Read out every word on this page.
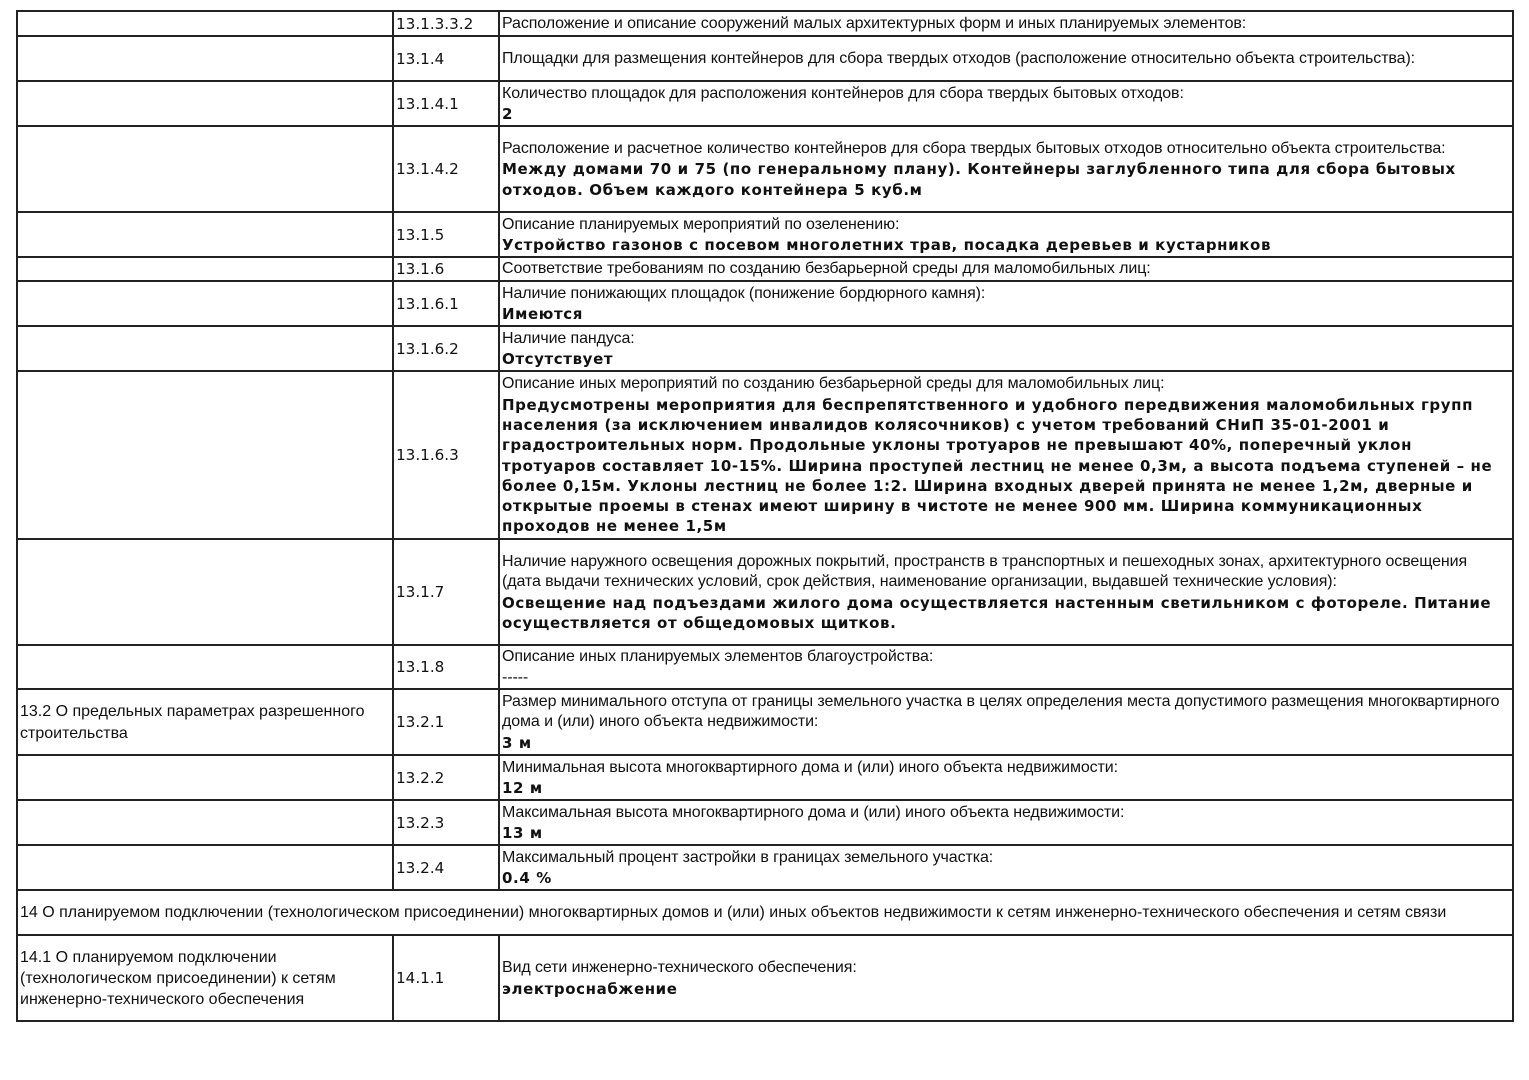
	13.1.3.3.2	Расположение и описание сооружений малых архитектурных форм и иных планируемых элементов:

	13.1.4	Площадки для размещения контейнеров для сбора твердых отходов (расположение относительно объекта строительства):

	13.1.4.1	Количество площадок для расположения контейнеров для сбора твердых бытовых отходов:
2

	13.1.4.2	Расположение и расчетное количество контейнеров для сбора твердых бытовых отходов относительно объекта строительства:
Между домами 70 и 75 (по генеральному плану). Контейнеры заглубленного типа для сбора бытовых отходов. Объем каждого контейнера 5 куб.м

	13.1.5	Описание планируемых мероприятий по озеленению:
Устройство газонов с посевом многолетних трав, посадка деревьев и кустарников

	13.1.6	Соответствие требованиям по созданию безбарьерной среды для маломобильных лиц:

	13.1.6.1	Наличие понижающих площадок (понижение бордюрного камня):
Имеются

	13.1.6.2	Наличие пандуса:
Отсутствует

	13.1.6.3	Описание иных мероприятий по созданию безбарьерной среды для маломобильных лиц:
Предусмотрены мероприятия для беспрепятственного и удобного передвижения маломобильных групп населения (за исключением инвалидов колясочников) с учетом требований СНиП 35-01-2001 и градостроительных норм. Продольные уклоны тротуаров не превышают 40%, поперечный уклон тротуаров составляет 10-15%. Ширина проступей лестниц не менее 0,3м, а высота подъема ступеней – не более 0,15м. Уклоны лестниц не более 1:2. Ширина входных дверей принята не менее 1,2м, дверные и открытые проемы в стенах имеют ширину в чистоте не менее 900 мм. Ширина коммуникационных проходов не менее 1,5м

	13.1.7	Наличие наружного освещения дорожных покрытий, пространств в транспортных и пешеходных зонах, архитектурного освещения (дата выдачи технических условий, срок действия, наименование организации, выдавшей технические условия):
Освещение над подъездами жилого дома осуществляется настенным светильником с фотореле. Питание осуществляется от общедомовых щитков.

	13.1.8	Описание иных планируемых элементов благоустройства:
-----

13.2 О предельных параметрах разрешенного строительства	13.2.1	Размер минимального отступа от границы земельного участка в целях определения места допустимого размещения многоквартирного дома и (или) иного объекта недвижимости:
3 м

	13.2.2	Минимальная высота многоквартирного дома и (или) иного объекта недвижимости:
12 м

	13.2.3	Максимальная высота многоквартирного дома и (или) иного объекта недвижимости:
13 м

	13.2.4	Максимальный процент застройки в границах земельного участка:
0.4 %

14 О планируемом подключении (технологическом присоединении) многоквартирных домов и (или) иных объектов недвижимости к сетям инженерно-технического обеспечения и сетям связи		
14.1 О планируемом подключении (технологическом присоединении) к сетям инженерно-технического обеспечения	14.1.1	Вид сети инженерно-технического обеспечения:
электроснабжение
